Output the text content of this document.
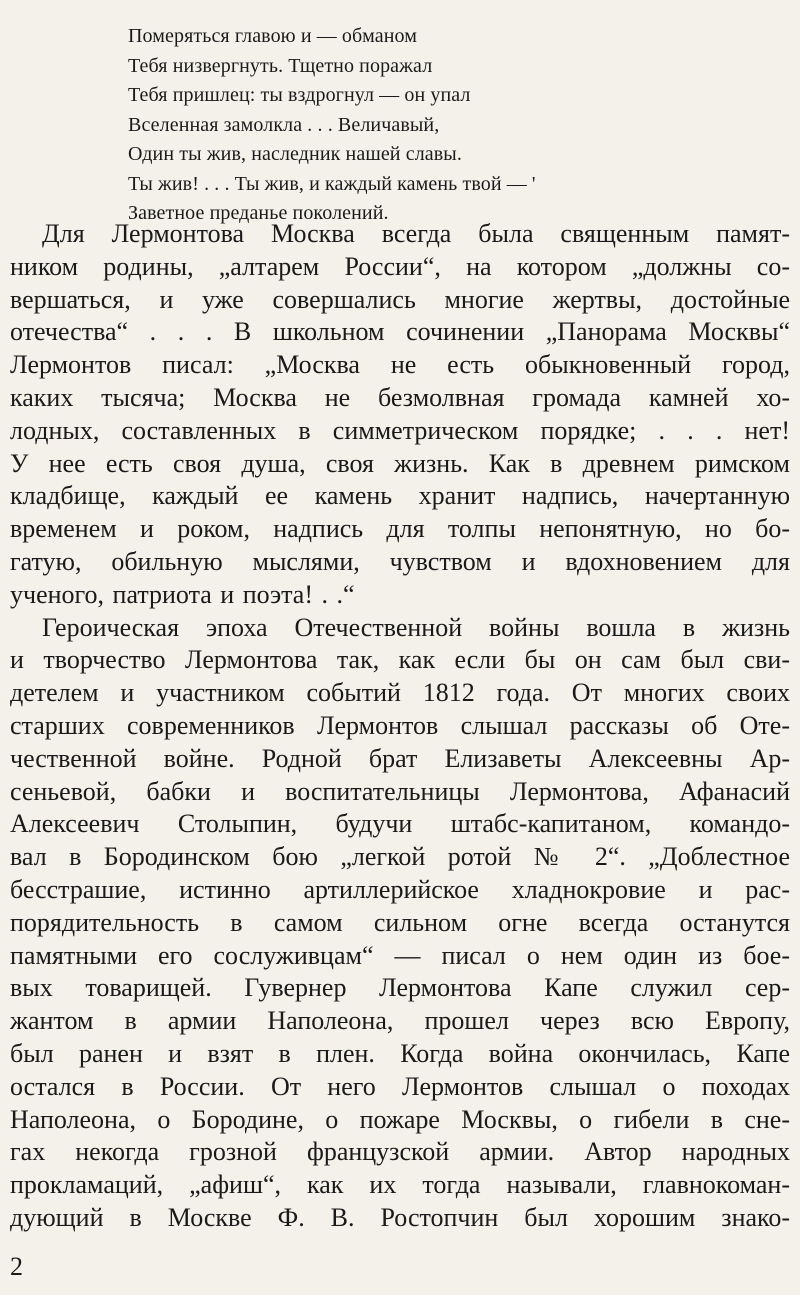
Померяться главою и — обманом
Тебя низвергнуть. Тщетно поражал
Тебя пришлец: ты вздрогнул — он упал
Вселенная замолкла . . . Величавый,
Один ты жив, наследник нашей славы.
Ты жив! . . . Ты жив, и каждый камень твой — '
Заветное преданье поколений.
Для Лермонтова Москва всегда была священным памят-
ником родины, „алтарем России“, на котором „должны со-
вершаться, и уже совершались многие жертвы, достойные
отечества“ . . . В школьном сочинении „Панорама Москвы“
Лермонтов писал: „Москва не есть обыкновенный город,
каких тысяча; Москва не безмолвная громада камней хо-
лодных, составленных в симметрическом порядке; . . . нет!
У нее есть своя душа, своя жизнь. Как в древнем римском
кладбище, каждый ее камень хранит надпись, начертанную
временем и роком, надпись для толпы непонятную, но бо-
гатую, обильную мыслями, чувством и вдохновением для
ученого, патриота и поэта! . .“
Героическая эпоха Отечественной войны вошла в жизнь
и творчество Лермонтова так, как если бы он сам был сви-
детелем и участником событий 1812 года. От многих своих
старших современников Лермонтов слышал рассказы об Оте-
чественной войне. Родной брат Елизаветы Алексеевны Ар-
сеньевой, бабки и воспитательницы Лермонтова, Афанасий
Алексеевич Столыпин, будучи штабс-капитаном, командо-
вал в Бородинском бою „легкой ротой № 2“. „Доблестное
бесстрашие, истинно артиллерийское хладнокровие и рас-
порядительность в самом сильном огне всегда останутся
памятными его сослуживцам“ — писал о нем один из бое-
вых товарищей. Гувернер Лермонтова Капе служил сер-
жантом в армии Наполеона, прошел через всю Европу,
был ранен и взят в плен. Когда война окончилась, Капе
остался в России. От него Лермонтов слышал о походах
Наполеона, о Бородине, о пожаре Москвы, о гибели в сне-
гах некогда грозной французской армии. Автор народных
прокламаций, „афиш“, как их тогда называли, главнокоман-
дующий в Москве Ф. В. Ростопчин был хорошим знако-
2
